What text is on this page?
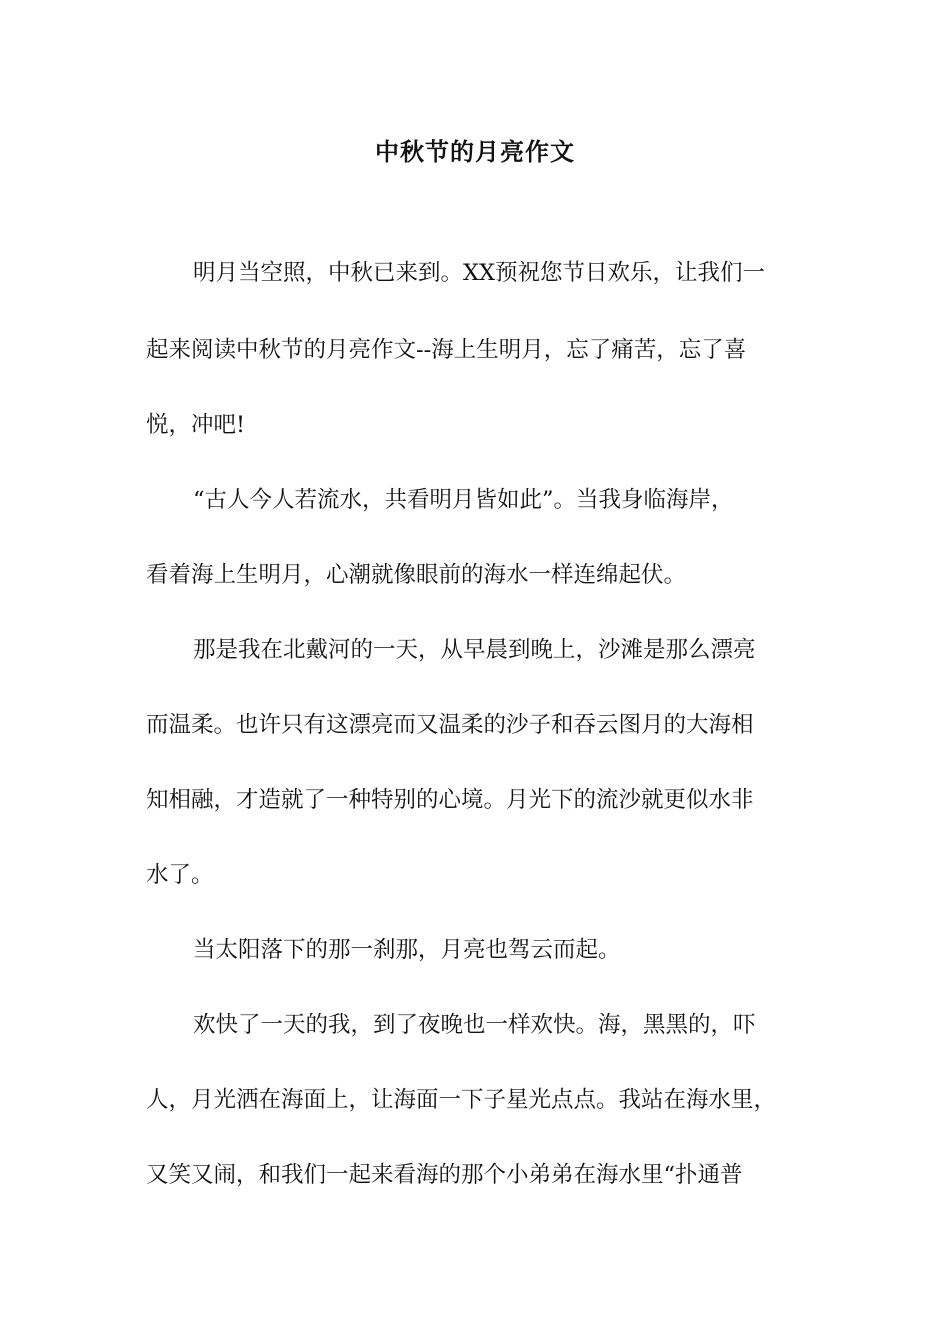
中秋节的月亮作文
明月当空照，中秋已来到。XX预祝您节日欢乐，让我们一
起来阅读中秋节的月亮作文--海上生明月，忘了痛苦，忘了喜
悦，冲吧!
“古人今人若流水，共看明月皆如此”。当我身临海岸，
看着海上生明月，心潮就像眼前的海水一样连绵起伏。
那是我在北戴河的一天，从早晨到晚上，沙滩是那么漂亮
而温柔。也许只有这漂亮而又温柔的沙子和吞云图月的大海相
知相融，才造就了一种特别的心境。月光下的流沙就更似水非
水了。
当太阳落下的那一刹那，月亮也驾云而起。
欢快了一天的我，到了夜晚也一样欢快。海，黑黑的，吓
人，月光洒在海面上，让海面一下子星光点点。我站在海水里，
又笑又闹，和我们一起来看海的那个小弟弟在海水里“扑通普
